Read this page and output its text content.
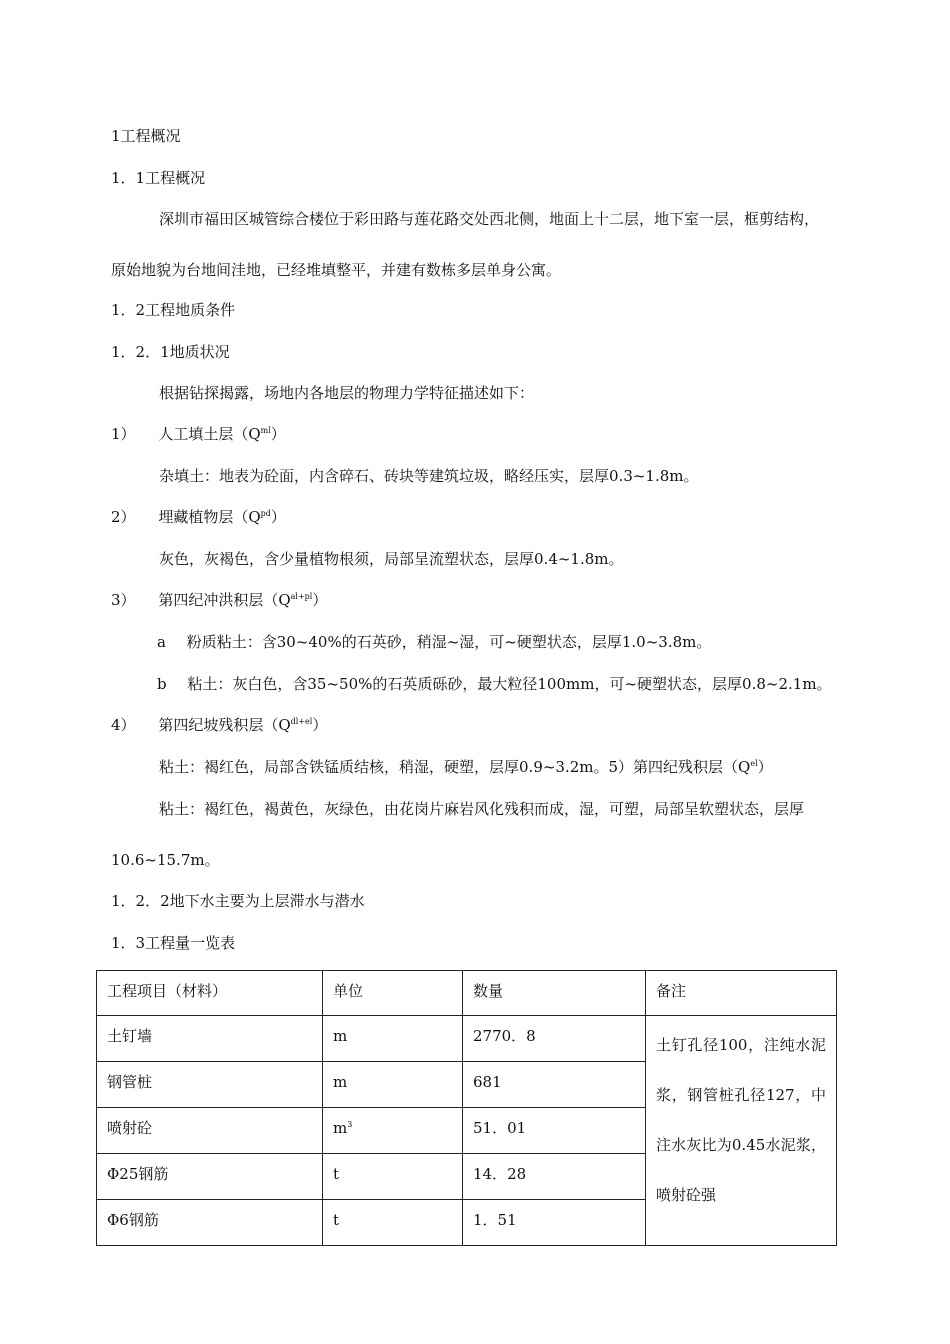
1工程概况
1．1工程概况
深圳市福田区城管综合楼位于彩田路与莲花路交处西北侧，地面上十二层，地下室一层，框剪结构，
原始地貌为台地间洼地，已经堆填整平，并建有数栋多层单身公寓。
1．2工程地质条件
1．2．1地质状况
根据钻探揭露，场地内各地层的物理力学特征描述如下：
1） 人工填土层$(Q^{ml})$
杂填土：地表为砼面，内含碎石、砖块等建筑垃圾，略经压实，层厚0.3~1.8m。
2） 埋藏植物层$(Q^{pd})$
灰色，灰褐色，含少量植物根须，局部呈流塑状态，层厚0.4~1.8m。
3） 第四纪冲洪积层$(Q^{al+pl})$
a 粉质粘土：含30~40%的石英砂，稍湿~湿，可~硬塑状态，层厚1.0~3.8m。
b 粘土：灰白色，含35~50%的石英质砾砂，最大粒径100mm，可~硬塑状态，层厚0.8~2.1m。
4） 第四纪坡残积层$(Q^{dl+el})$
粘土：褐红色，局部含铁锰质结核，稍湿，硬塑，层厚0.9~3.2m。5）第四纪残积层$(Q^{el})$
粘土：褐红色，褐黄色，灰绿色，由花岗片麻岩风化残积而成，湿，可塑，局部呈软塑状态，层厚
10.6~15.7m。
1．2．2地下水主要为上层滞水与潜水
1．3工程量一览表
工程项目（材料）	单位	数量	备注
土钉墙	m	2770．8	土钉孔径100，注纯水泥浆，钢管桩孔径127，中注水灰比为0.45水泥浆，喷射砼强
钢管桩	m	681	
喷射砼	$m^3$	51．01	
Φ25钢筋	t	14．28	
Φ6钢筋	t	1．51	
